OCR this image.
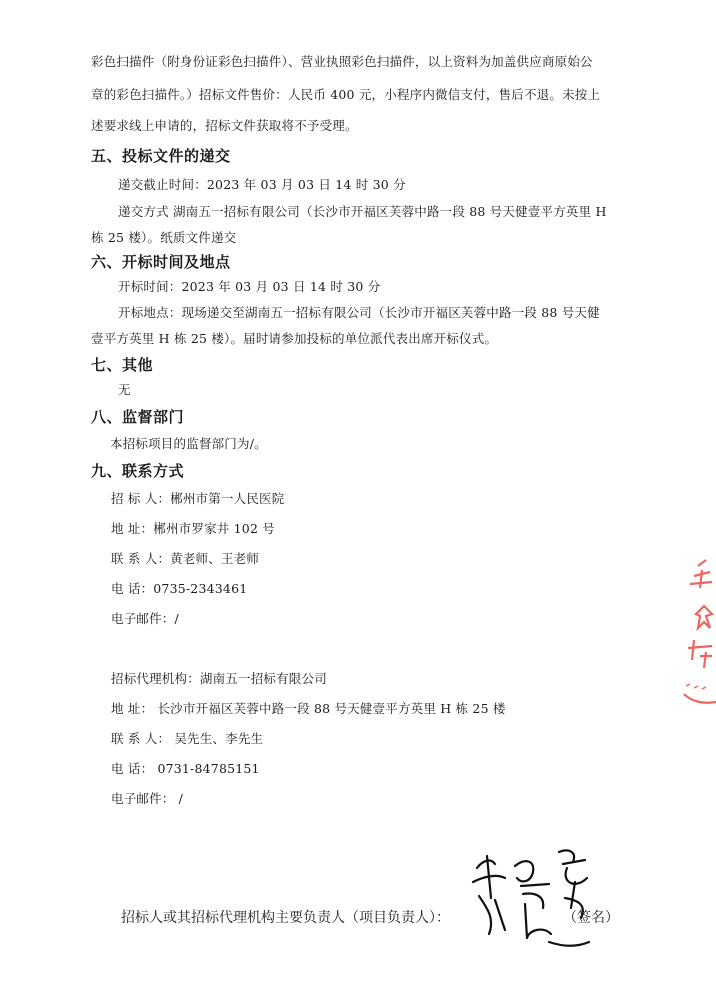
彩色扫描件（附身份证彩色扫描件）、营业执照彩色扫描件，以上资料为加盖供应商原始公
章的彩色扫描件。）招标文件售价：人民币 400 元，小程序内微信支付，售后不退。未按上
述要求线上申请的，招标文件获取将不予受理。
五、投标文件的递交
递交截止时间：2023 年 03 月 03 日 14 时 30 分
递交方式 湖南五一招标有限公司（长沙市开福区芙蓉中路一段 88 号天健壹平方英里 H
栋 25 楼）。纸质文件递交
六、开标时间及地点
开标时间：2023 年 03 月 03 日 14 时 30 分
开标地点：现场递交至湖南五一招标有限公司（长沙市开福区芙蓉中路一段 88 号天健
壹平方英里 H 栋 25 楼）。届时请参加投标的单位派代表出席开标仪式。
七、其他
无
八、监督部门
本招标项目的监督部门为/。
九、联系方式
招 标 人：郴州市第一人民医院
地 址：郴州市罗家井 102 号
联 系 人：黄老师、王老师
电 话：0735-2343461
电子邮件：/
招标代理机构：湖南五一招标有限公司
地 址： 长沙市开福区芙蓉中路一段 88 号天健壹平方英里 H 栋 25 楼
联 系 人： 吴先生、李先生
电 话： 0731-84785151
电子邮件： /
招标人或其招标代理机构主要负责人（项目负责人）：	（签名）
